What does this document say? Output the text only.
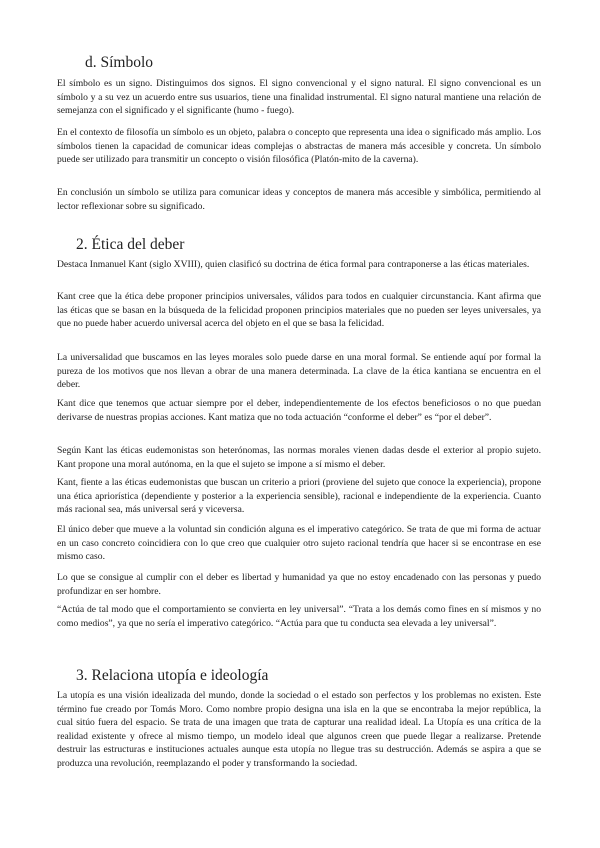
d. Símbolo

El símbolo es un signo. Distinguimos dos signos. El signo convencional y el signo natural. El signo convencional es un símbolo y a su vez un acuerdo entre sus usuarios, tiene una finalidad instrumental. El signo natural mantiene una relación de semejanza con el significado y el significante (humo - fuego).

En el contexto de filosofía un símbolo es un objeto, palabra o concepto que representa una idea o significado más amplio. Los símbolos tienen la capacidad de comunicar ideas complejas o abstractas de manera más accesible y concreta. Un símbolo puede ser utilizado para transmitir un concepto o visión filosófica (Platón-mito de la caverna).

En conclusión un símbolo se utiliza para comunicar ideas y conceptos de manera más accesible y simbólica, permitiendo al lector reflexionar sobre su significado.

2. Ética del deber

Destaca Inmanuel Kant (siglo XVIII), quien clasificó su doctrina de ética formal para contraponerse a las éticas materiales.

Kant cree que la ética debe proponer principios universales, válidos para todos en cualquier circunstancia. Kant afirma que las éticas que se basan en la búsqueda de la felicidad proponen principios materiales que no pueden ser leyes universales, ya que no puede haber acuerdo universal acerca del objeto en el que se basa la felicidad.

La universalidad que buscamos en las leyes morales solo puede darse en una moral formal. Se entiende aquí por formal la pureza de los motivos que nos llevan a obrar de una manera determinada. La clave de la ética kantiana se encuentra en el deber.

Kant dice que tenemos que actuar siempre por el deber, independientemente de los efectos beneficiosos o no que puedan derivarse de nuestras propias acciones. Kant matiza que no toda actuación “conforme el deber” es “por el deber”.

Según Kant las éticas eudemonistas son heterónomas, las normas morales vienen dadas desde el exterior al propio sujeto. Kant propone una moral autónoma, en la que el sujeto se impone a sí mismo el deber.

Kant, fiente a las éticas eudemonistas que buscan un criterio a priori (proviene del sujeto que conoce la experiencia), propone una ética apriorística (dependiente y posterior a la experiencia sensible), racional e independiente de la experiencia. Cuanto más racional sea, más universal será y viceversa.

El único deber que mueve a la voluntad sin condición alguna es el imperativo categórico. Se trata de que mi forma de actuar en un caso concreto coincidiera con lo que creo que cualquier otro sujeto racional tendría que hacer si se encontrase en ese mismo caso.

Lo que se consigue al cumplir con el deber es libertad y humanidad ya que no estoy encadenado con las personas y puedo profundizar en ser hombre.

“Actúa de tal modo que el comportamiento se convierta en ley universal”. “Trata a los demás como fines en sí mismos y no como medios”, ya que no sería el imperativo categórico. “Actúa para que tu conducta sea elevada a ley universal”.

3. Relaciona utopía e ideología

La utopía es una visión idealizada del mundo, donde la sociedad o el estado son perfectos y los problemas no existen. Este término fue creado por Tomás Moro. Como nombre propio designa una isla en la que se encontraba la mejor república, la cual sitúo fuera del espacio. Se trata de una imagen que trata de capturar una realidad ideal. La Utopía es una crítica de la realidad existente y ofrece al mismo tiempo, un modelo ideal que algunos creen que puede llegar a realizarse. Pretende destruir las estructuras e instituciones actuales aunque esta utopía no llegue tras su destrucción. Además se aspira a que se produzca una revolución, reemplazando el poder y transformando la sociedad.
